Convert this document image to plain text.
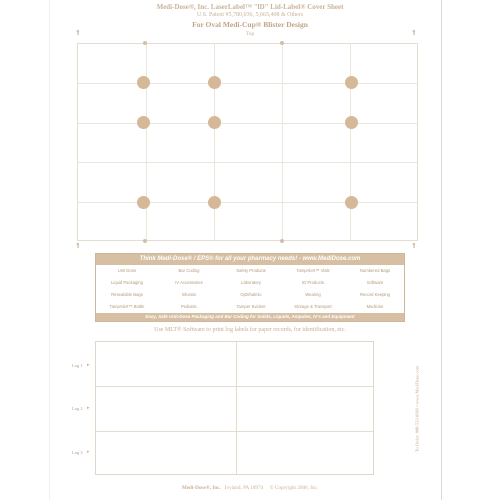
Medi-Dose®, Inc. LaserLabel™ "lD" Lid-Label® Cover Sheet
U.S. Patent #5,780,036, 5,665,408 & Others
For Oval Medi-Cup® Blister Design
Top
⇑	⇑
⇑	⇑
Think Medi-Dose® / EPS® for all your pharmacy needs! - www.MediDose.com
Unit Dose	Bar Coding	Safety Products	TampAlert™ Vials	Numbered Bags
Liquid Packaging	IV Accessories	Laboratory	ID Products	Software
Resealable Bags	Infusion	Ophthalmic	Wearing	Record Keeping
TampAlert™ Bottle	Pediatric	Tamper Evident	Storage & Transport	Medicine
Easy, Safe Unit-Dose Packaging and Bar Coding for Solids, Liquids, Ampules, IV's and Equipment
Use MLT® Software to print log labels for paper records, for identification, etc.
Log 1 ▸
Log 2 ▸
Log 3 ▸	To Order: 800-523-8966 • www.MediDose.com
Medi-Dose®, Inc. Ivyland, PA 18974 © Copyright 2006, Inc.
